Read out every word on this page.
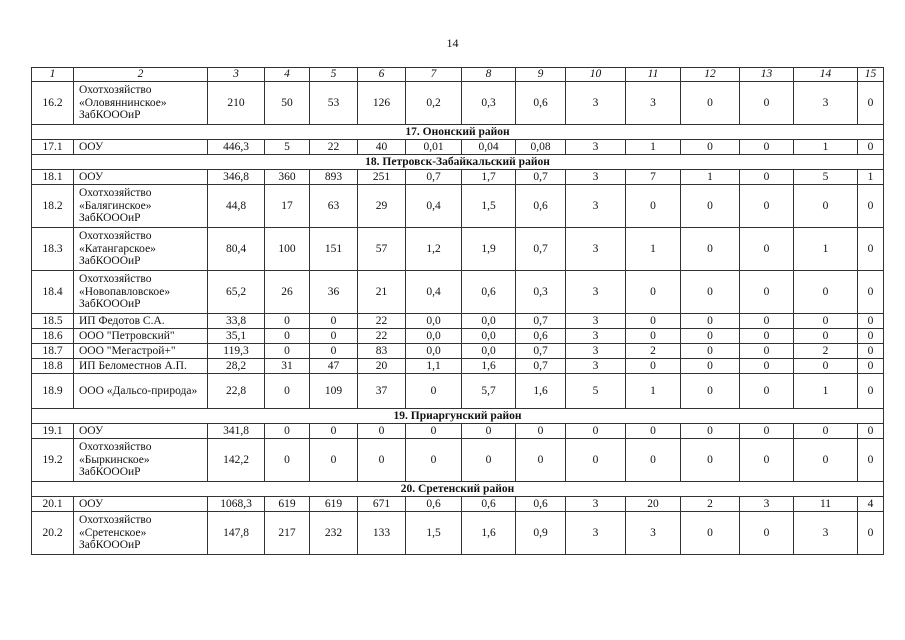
14
1	2	3	4	5	6	7	8	9	10	11	12	13	14	15
16.2	Охотхозяйство «Оловяннинское» ЗабКОООиР	210	50	53	126	0,2	0,3	0,6	3	3	0	0	3	0
17. Ононский район														
17.1	ООУ	446,3	5	22	40	0,01	0,04	0,08	3	1	0	0	1	0
18. Петровск-Забайкальский район														
18.1	ООУ	346,8	360	893	251	0,7	1,7	0,7	3	7	1	0	5	1
18.2	Охотхозяйство «Балягинское» ЗабКОООиР	44,8	17	63	29	0,4	1,5	0,6	3	0	0	0	0	0
18.3	Охотхозяйство «Катангарское» ЗабКОООиР	80,4	100	151	57	1,2	1,9	0,7	3	1	0	0	1	0
18.4	Охотхозяйство «Новопавловское» ЗабКОООиР	65,2	26	36	21	0,4	0,6	0,3	3	0	0	0	0	0
18.5	ИП Федотов С.А.	33,8	0	0	22	0,0	0,0	0,7	3	0	0	0	0	0
18.6	ООО "Петровский"	35,1	0	0	22	0,0	0,0	0,6	3	0	0	0	0	0
18.7	ООО "Мегастрой+"	119,3	0	0	83	0,0	0,0	0,7	3	2	0	0	2	0
18.8	ИП Беломестнов А.П.	28,2	31	47	20	1,1	1,6	0,7	3	0	0	0	0	0
18.9	ООО «Дальсо-природа»	22,8	0	109	37	0	5,7	1,6	5	1	0	0	1	0
19. Приаргунский район														
19.1	ООУ	341,8	0	0	0	0	0	0	0	0	0	0	0	0
19.2	Охотхозяйство «Быркинское» ЗабКОООиР	142,2	0	0	0	0	0	0	0	0	0	0	0	0
20. Сретенский район														
20.1	ООУ	1068,3	619	619	671	0,6	0,6	0,6	3	20	2	3	11	4
20.2	Охотхозяйство «Сретенское» ЗабКОООиР	147,8	217	232	133	1,5	1,6	0,9	3	3	0	0	3	0
